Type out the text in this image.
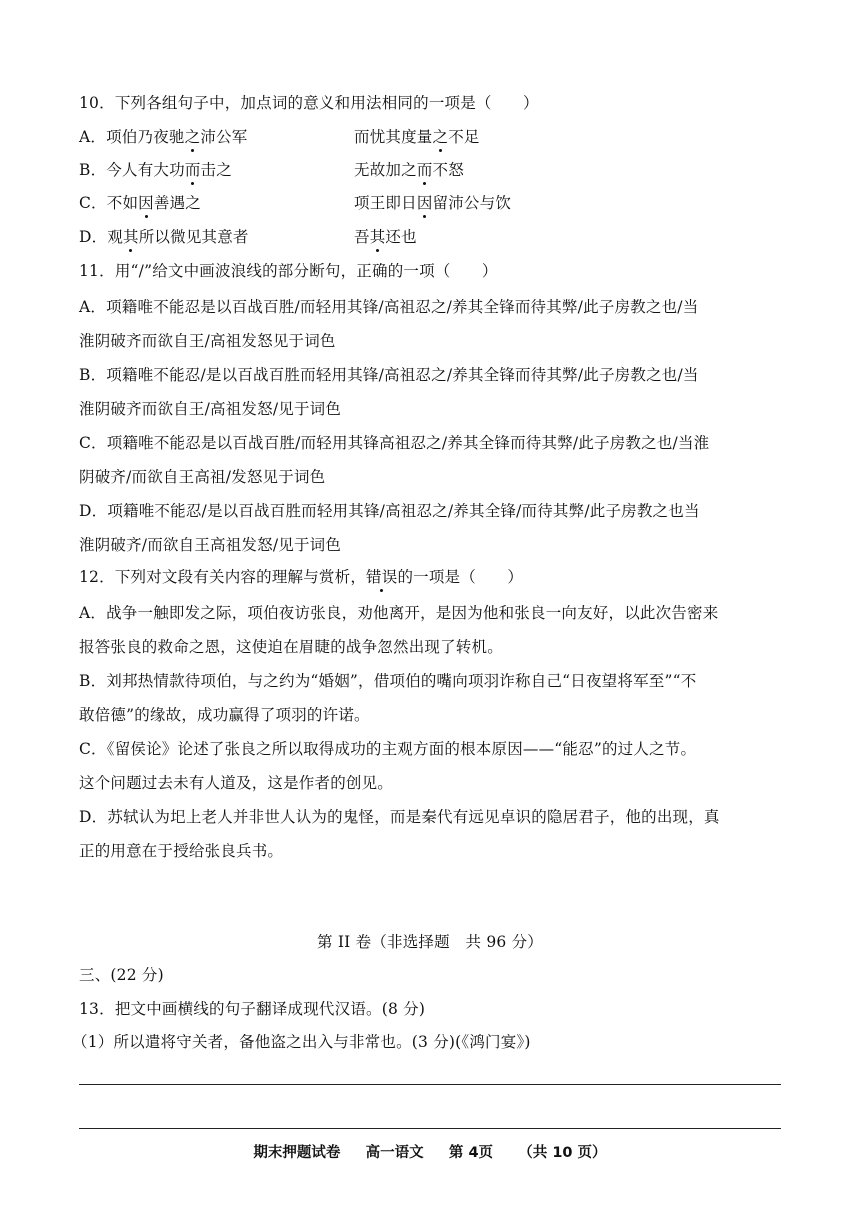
10．下列各组句子中，加点词的意义和用法相同的一项是（　　）
A．项伯乃夜驰之沛公军	而忧其度量之不足
B．今人有大功而击之	无故加之而不怒
C．不如因善遇之	项王即日因留沛公与饮
D．观其所以微见其意者	吾其还也
11．用“/”给文中画波浪线的部分断句，正确的一项（　　）
A．项籍唯不能忍是以百战百胜/而轻用其锋/高祖忍之/养其全锋而待其弊/此子房教之也/当
淮阴破齐而欲自王/高祖发怒见于词色
B．项籍唯不能忍/是以百战百胜而轻用其锋/高祖忍之/养其全锋而待其弊/此子房教之也/当
淮阴破齐而欲自王/高祖发怒/见于词色
C．项籍唯不能忍是以百战百胜/而轻用其锋高祖忍之/养其全锋而待其弊/此子房教之也/当淮
阴破齐/而欲自王高祖/发怒见于词色
D．项籍唯不能忍/是以百战百胜而轻用其锋/高祖忍之/养其全锋/而待其弊/此子房教之也当
淮阴破齐/而欲自王高祖发怒/见于词色
12．下列对文段有关内容的理解与赏析，错误的一项是（　　）
A．战争一触即发之际，项伯夜访张良，劝他离开，是因为他和张良一向友好，以此次告密来
报答张良的救命之恩，这使迫在眉睫的战争忽然出现了转机。
B．刘邦热情款待项伯，与之约为“婚姻”，借项伯的嘴向项羽诈称自己“日夜望将军至”“不
敢倍德”的缘故，成功赢得了项羽的许诺。
C．《留侯论》论述了张良之所以取得成功的主观方面的根本原因——“能忍”的过人之节。
这个问题过去未有人道及，这是作者的创见。
D．苏轼认为圯上老人并非世人认为的鬼怪，而是秦代有远见卓识的隐居君子，他的出现，真
正的用意在于授给张良兵书。
第 II 卷（非选择题　共 96 分）
三、(22 分)
13．把文中画横线的句子翻译成现代汉语。(8 分)
（1）所以遣将守关者，备他盗之出入与非常也。(3 分)(《鸿门宴》)
期末押题试卷     高一语文     第 4页     （共 10 页）
